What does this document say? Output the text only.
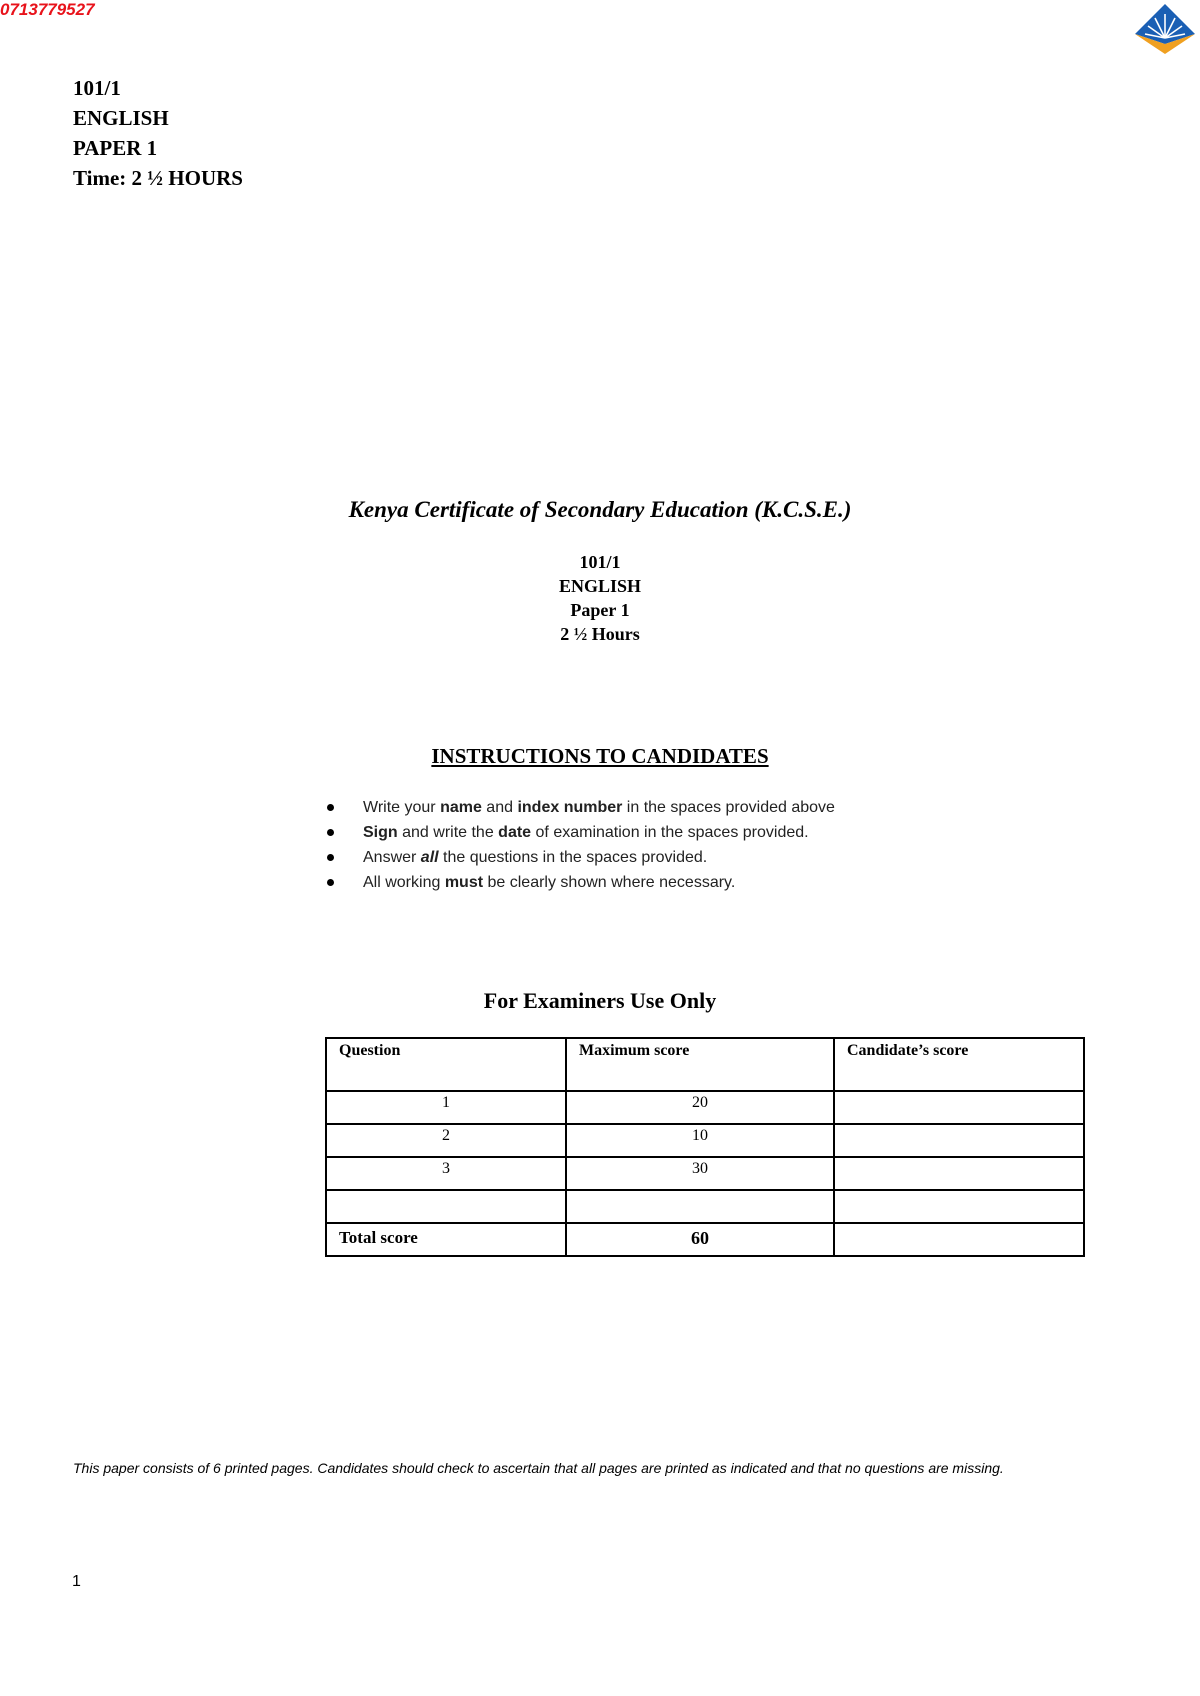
0713779527
101/1
ENGLISH
PAPER 1
Time: 2 ½ HOURS
Kenya Certificate of Secondary Education (K.C.S.E.)
101/1
ENGLISH
Paper 1
2 ½ Hours
INSTRUCTIONS TO CANDIDATES
Write your name and index number in the spaces provided above
Sign and write the date of examination in the spaces provided.
Answer all the questions in the spaces provided.
All working must be clearly shown where necessary.
For Examiners Use Only
Question	Maximum score	Candidate’s score
1	20	
2	10	
3	30	

Total score	60	
This paper consists of 6 printed pages. Candidates should check to ascertain that all pages are printed as indicated and that no questions are missing.
1
